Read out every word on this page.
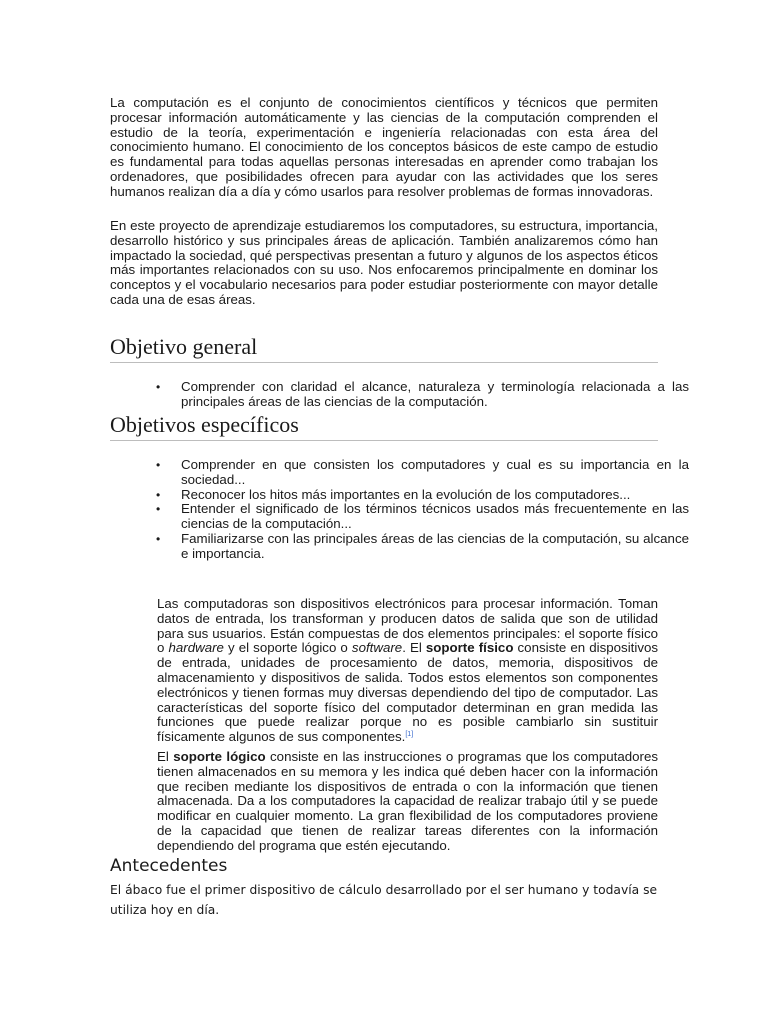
La computación es el conjunto de conocimientos científicos y técnicos que permiten procesar información automáticamente y las ciencias de la computación comprenden el estudio de la teoría, experimentación e ingeniería relacionadas con esta área del conocimiento humano. El conocimiento de los conceptos básicos de este campo de estudio es fundamental para todas aquellas personas interesadas en aprender como trabajan los ordenadores, que posibilidades ofrecen para ayudar con las actividades que los seres humanos realizan día a día y cómo usarlos para resolver problemas de formas innovadoras.

En este proyecto de aprendizaje estudiaremos los computadores, su estructura, importancia, desarrollo histórico y sus principales áreas de aplicación. También analizaremos cómo han impactado la sociedad, qué perspectivas presentan a futuro y algunos de los aspectos éticos más importantes relacionados con su uso. Nos enfocaremos principalmente en dominar los conceptos y el vocabulario necesarios para poder estudiar posteriormente con mayor detalle cada una de esas áreas.

Objetivo general
• Comprender con claridad el alcance, naturaleza y terminología relacionada a las principales áreas de las ciencias de la computación.
Objetivos específicos
• Comprender en que consisten los computadores y cual es su importancia en la sociedad...
• Reconocer los hitos más importantes en la evolución de los computadores...
• Entender el significado de los términos técnicos usados más frecuentemente en las ciencias de la computación...
• Familiarizarse con las principales áreas de las ciencias de la computación, su alcance e importancia.

Las computadoras son dispositivos electrónicos para procesar información. Toman datos de entrada, los transforman y producen datos de salida que son de utilidad para sus usuarios. Están compuestas de dos elementos principales: el soporte físico o hardware y el soporte lógico o software. El soporte físico consiste en dispositivos de entrada, unidades de procesamiento de datos, memoria, dispositivos de almacenamiento y dispositivos de salida. Todos estos elementos son componentes electrónicos y tienen formas muy diversas dependiendo del tipo de computador. Las características del soporte físico del computador determinan en gran medida las funciones que puede realizar porque no es posible cambiarlo sin sustituir físicamente algunos de sus componentes.[1]

El soporte lógico consiste en las instrucciones o programas que los computadores tienen almacenados en su memora y les indica qué deben hacer con la información que reciben mediante los dispositivos de entrada o con la información que tienen almacenada. Da a los computadores la capacidad de realizar trabajo útil y se puede modificar en cualquier momento. La gran flexibilidad de los computadores proviene de la capacidad que tienen de realizar tareas diferentes con la información dependiendo del programa que estén ejecutando.

Antecedentes

El ábaco fue el primer dispositivo de cálculo desarrollado por el ser humano y todavía se utiliza hoy en día.
